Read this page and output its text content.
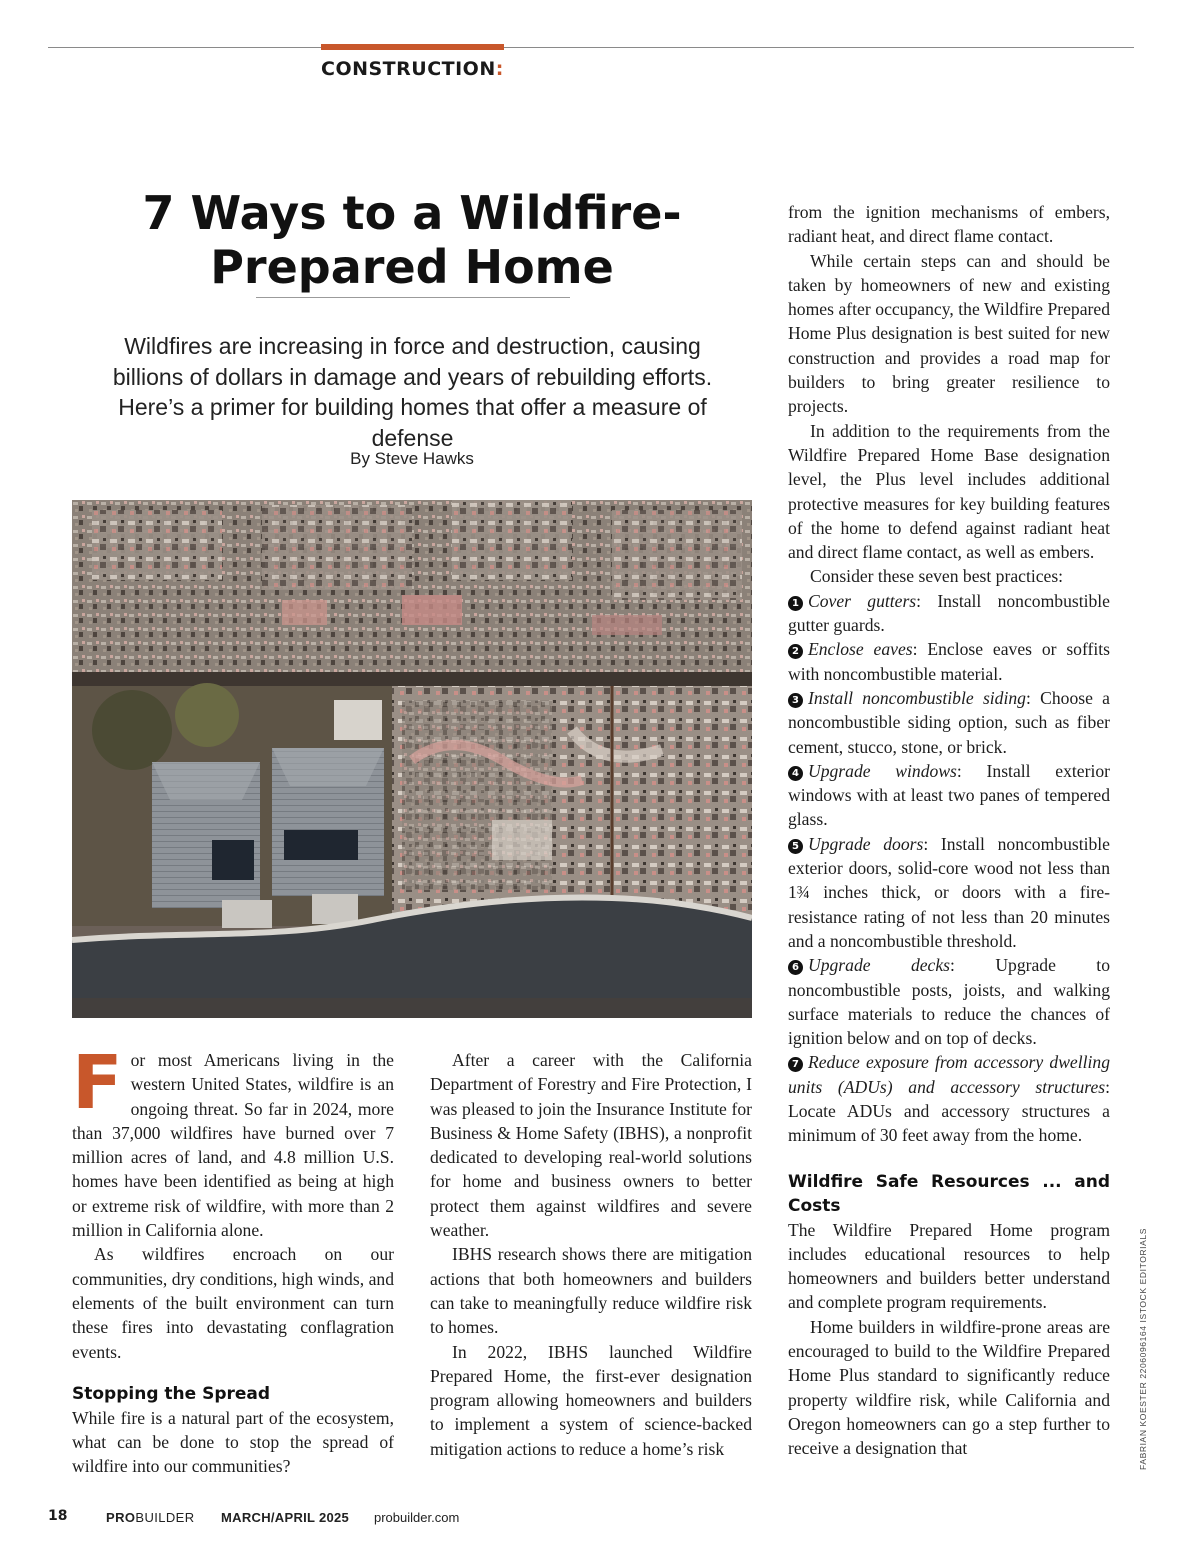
CONSTRUCTION:
7 Ways to a Wildfire-
Prepared Home
Wildfires are increasing in force and destruction, causing billions of dollars in damage and years of rebuilding efforts. Here’s a primer for building homes that offer a measure of defense
By Steve Hawks

For most Americans living in the western United States, wildfire is an ongoing threat. So far in 2024, more than 37,000 wildfires have burned over 7 million acres of land, and 4.8 million U.S. homes have been identified as being at high or extreme risk of wildfire, with more than 2 million in California alone.

As wildfires encroach on our communities, dry conditions, high winds, and elements of the built environment can turn these fires into devastating conflagration events.

Stopping the Spread

While fire is a natural part of the ecosystem, what can be done to stop the spread of wildfire into our communities?

After a career with the California Department of Forestry and Fire Protection, I was pleased to join the Insurance Institute for Business & Home Safety (IBHS), a nonprofit dedicated to developing real-world solutions for home and business owners to better protect them against wildfires and severe weather.

IBHS research shows there are mitigation actions that both homeowners and builders can take to meaningfully reduce wildfire risk to homes.

In 2022, IBHS launched Wildfire Prepared Home, the first-ever designation program allowing homeowners and builders to implement a system of science-backed mitigation actions to reduce a home’s risk

from the ignition mechanisms of embers, radiant heat, and direct flame contact.

While certain steps can and should be taken by homeowners of new and existing homes after occupancy, the Wildfire Prepared Home Plus designation is best suited for new construction and provides a road map for builders to bring greater resilience to projects.

In addition to the requirements from the Wildfire Prepared Home Base designation level, the Plus level includes additional protective measures for key building features of the home to defend against radiant heat and direct flame contact, as well as embers.

Consider these seven best practices:

1 Cover gutters: Install noncombustible gutter guards.

2 Enclose eaves: Enclose eaves or soffits with noncombustible material.

3 Install noncombustible siding: Choose a noncombustible siding option, such as fiber cement, stucco, stone, or brick.

4 Upgrade windows: Install exterior windows with at least two panes of tempered glass.

5 Upgrade doors: Install noncombustible exterior doors, solid-core wood not less than 1¾ inches thick, or doors with a fire-resistance rating of not less than 20 minutes and a noncombustible threshold.

6 Upgrade decks: Upgrade to noncombustible posts, joists, and walking surface materials to reduce the chances of ignition below and on top of decks.

7 Reduce exposure from accessory dwelling units (ADUs) and accessory structures: Locate ADUs and accessory structures a minimum of 30 feet away from the home.

Wildfire Safe Resources ... and Costs

The Wildfire Prepared Home program includes educational resources to help homeowners and builders better understand and complete program requirements.

Home builders in wildfire-prone areas are encouraged to build to the Wildfire Prepared Home Plus standard to significantly reduce property wildfire risk, while California and Oregon homeowners can go a step further to receive a designation that	FABRIAN KOESTER 2206096164 ISTOCK EDITORIALS
18	PROBUILDER MARCH/APRIL 2025 probuilder.com
